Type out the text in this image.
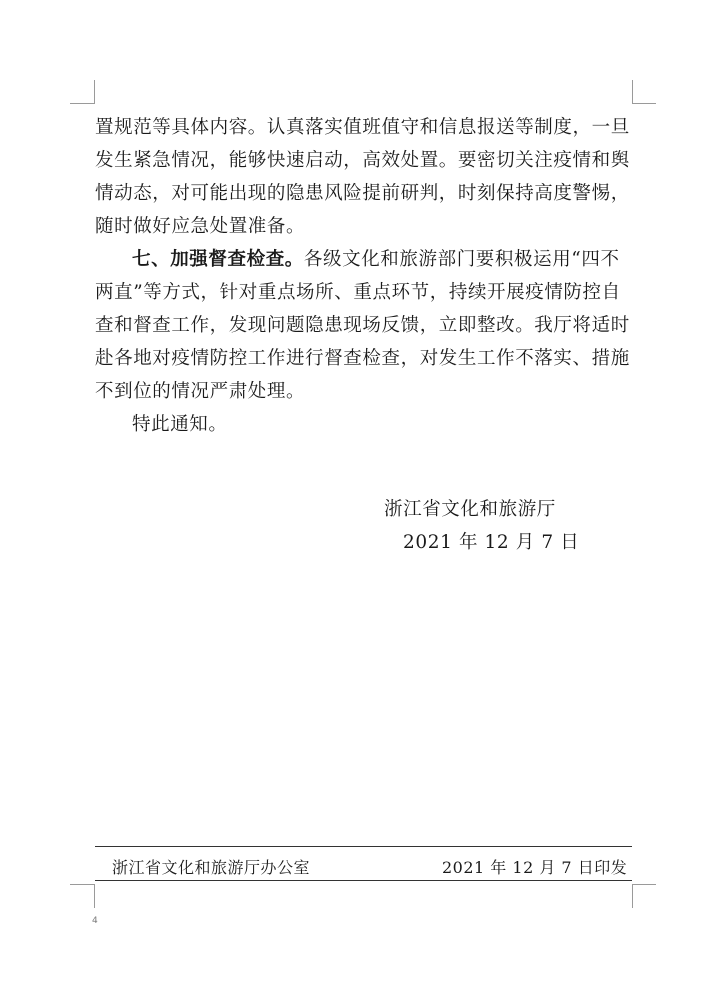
置规范等具体内容。认真落实值班值守和信息报送等制度，一旦
发生紧急情况，能够快速启动，高效处置。要密切关注疫情和舆
情动态，对可能出现的隐患风险提前研判，时刻保持高度警惕，
随时做好应急处置准备。
七、加强督查检查。各级文化和旅游部门要积极运用“四不
两直”等方式，针对重点场所、重点环节，持续开展疫情防控自
查和督查工作，发现问题隐患现场反馈，立即整改。我厅将适时
赴各地对疫情防控工作进行督查检查，对发生工作不落实、措施
不到位的情况严肃处理。
特此通知。
浙江省文化和旅游厅
2021 年 12 月 7 日
浙江省文化和旅游厅办公室	2021 年 12 月 7 日印发
4
